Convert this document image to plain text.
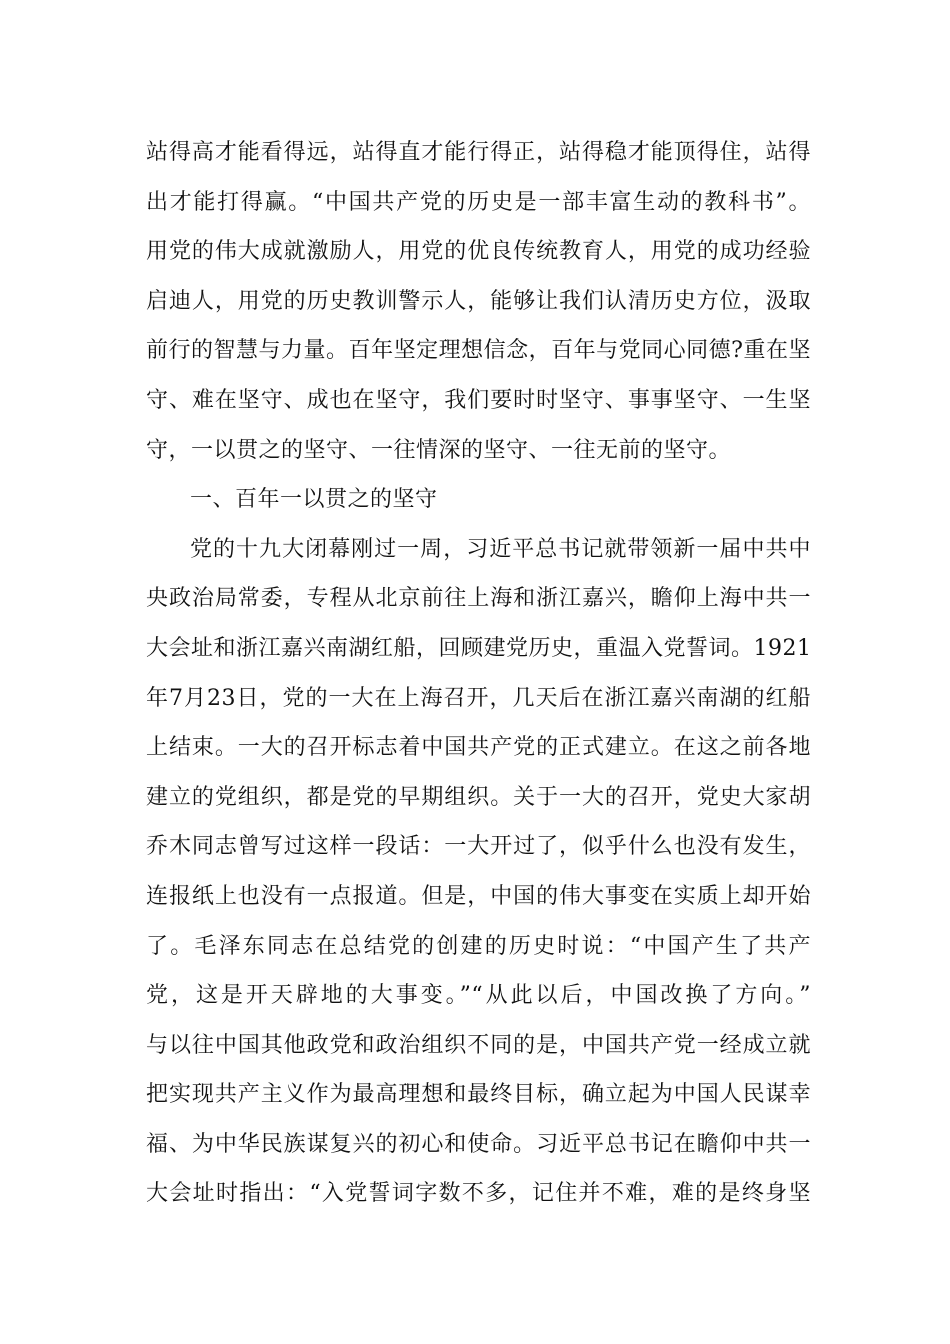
站得高才能看得远，站得直才能行得正，站得稳才能顶得住，站得
出才能打得赢。“中国共产党的历史是一部丰富生动的教科书”。
用党的伟大成就激励人，用党的优良传统教育人，用党的成功经验
启迪人，用党的历史教训警示人，能够让我们认清历史方位，汲取
前行的智慧与力量。百年坚定理想信念，百年与党同心同德?重在坚
守、难在坚守、成也在坚守，我们要时时坚守、事事坚守、一生坚
守，一以贯之的坚守、一往情深的坚守、一往无前的坚守。
一、百年一以贯之的坚守
党的十九大闭幕刚过一周，习近平总书记就带领新一届中共中
央政治局常委，专程从北京前往上海和浙江嘉兴，瞻仰上海中共一
大会址和浙江嘉兴南湖红船，回顾建党历史，重温入党誓词。1921
年7月23日，党的一大在上海召开，几天后在浙江嘉兴南湖的红船
上结束。一大的召开标志着中国共产党的正式建立。在这之前各地
建立的党组织，都是党的早期组织。关于一大的召开，党史大家胡
乔木同志曾写过这样一段话：一大开过了，似乎什么也没有发生，
连报纸上也没有一点报道。但是，中国的伟大事变在实质上却开始
了。毛泽东同志在总结党的创建的历史时说：“中国产生了共产
党，这是开天辟地的大事变。”“从此以后，中国改换了方向。”
与以往中国其他政党和政治组织不同的是，中国共产党一经成立就
把实现共产主义作为最高理想和最终目标，确立起为中国人民谋幸
福、为中华民族谋复兴的初心和使命。习近平总书记在瞻仰中共一
大会址时指出：“入党誓词字数不多，记住并不难，难的是终身坚
